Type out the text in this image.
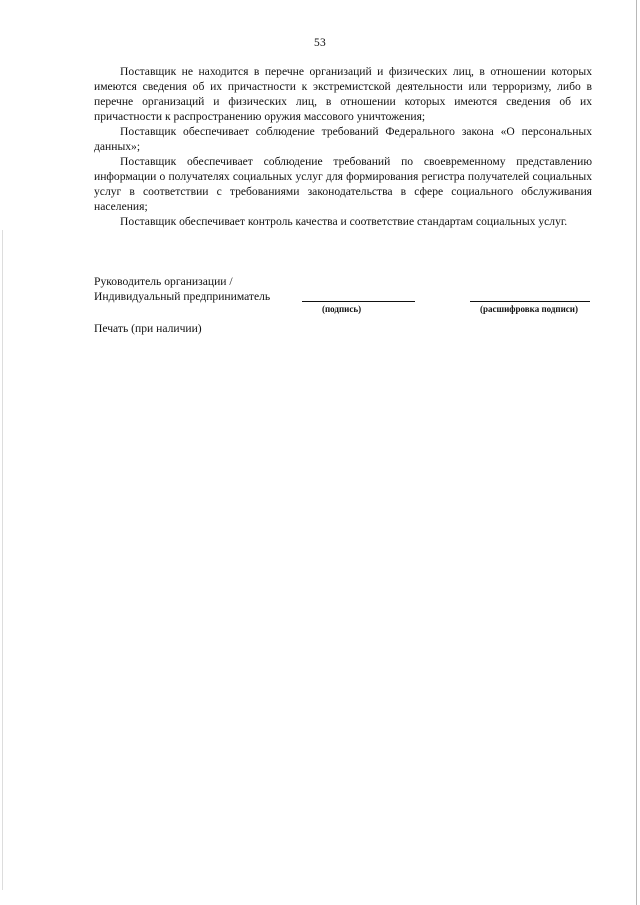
53

Поставщик не находится в перечне организаций и физических лиц, в отношении которых имеются сведения об их причастности к экстремистской деятельности или терроризму, либо в перечне организаций и физических лиц, в отношении которых имеются сведения об их причастности к распространению оружия массового уничтожения;

Поставщик обеспечивает соблюдение требований Федерального закона «О персональных данных»;

Поставщик обеспечивает соблюдение требований по своевременному представлению информации о получателях социальных услуг для формирования регистра получателей социальных услуг в соответствии с требованиями законодательства в сфере социального обслуживания населения;

Поставщик обеспечивает контроль качества и соответствие стандартам социальных услуг.

Руководитель организации /
Индивидуальный предприниматель
(подпись)	(расшифровка подписи)
Печать (при наличии)
